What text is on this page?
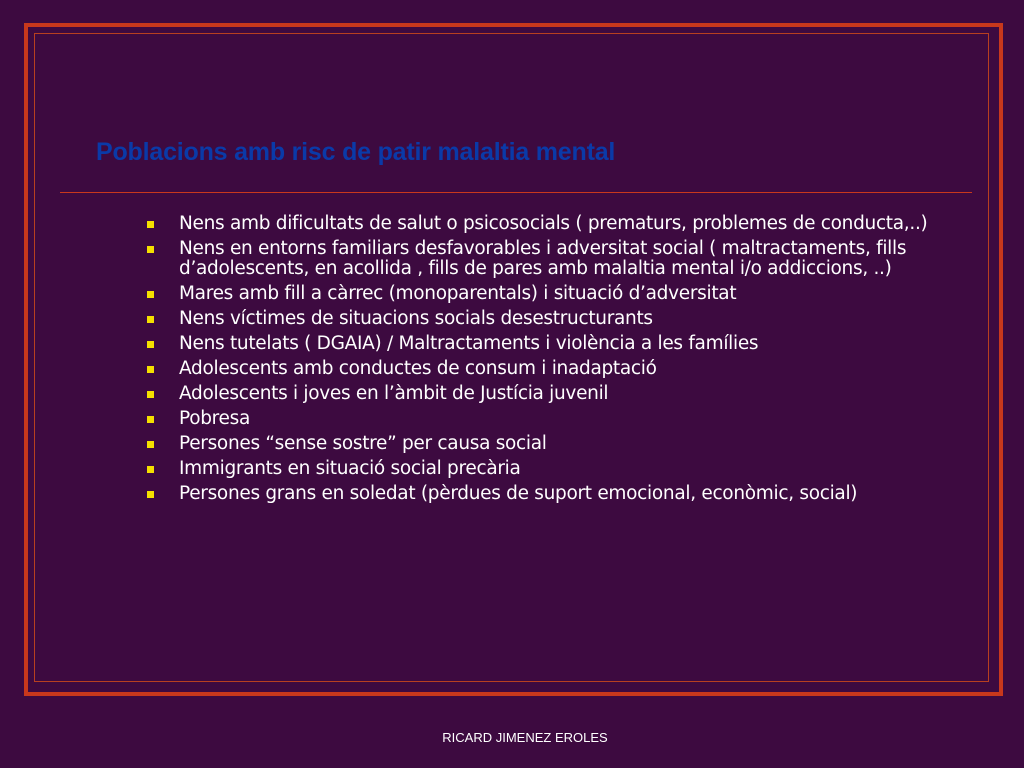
Poblacions amb risc de patir malaltia mental
Nens amb dificultats de salut o psicosocials ( prematurs, problemes de conducta,..)
Nens en entorns familiars desfavorables i adversitat social ( maltractaments, fills d’adolescents, en acollida , fills de pares amb malaltia mental i/o addiccions, ..)
Mares amb fill a càrrec (monoparentals) i situació d’adversitat
Nens víctimes de situacions socials desestructurants
Nens tutelats ( DGAIA) / Maltractaments i violència a les famílies
Adolescents amb conductes de consum i inadaptació
Adolescents i joves en l’àmbit de Justícia juvenil
Pobresa
Persones “sense sostre” per causa social
Immigrants en situació social precària
Persones grans en soledat (pèrdues de suport emocional, econòmic, social)
RICARD JIMENEZ EROLES
